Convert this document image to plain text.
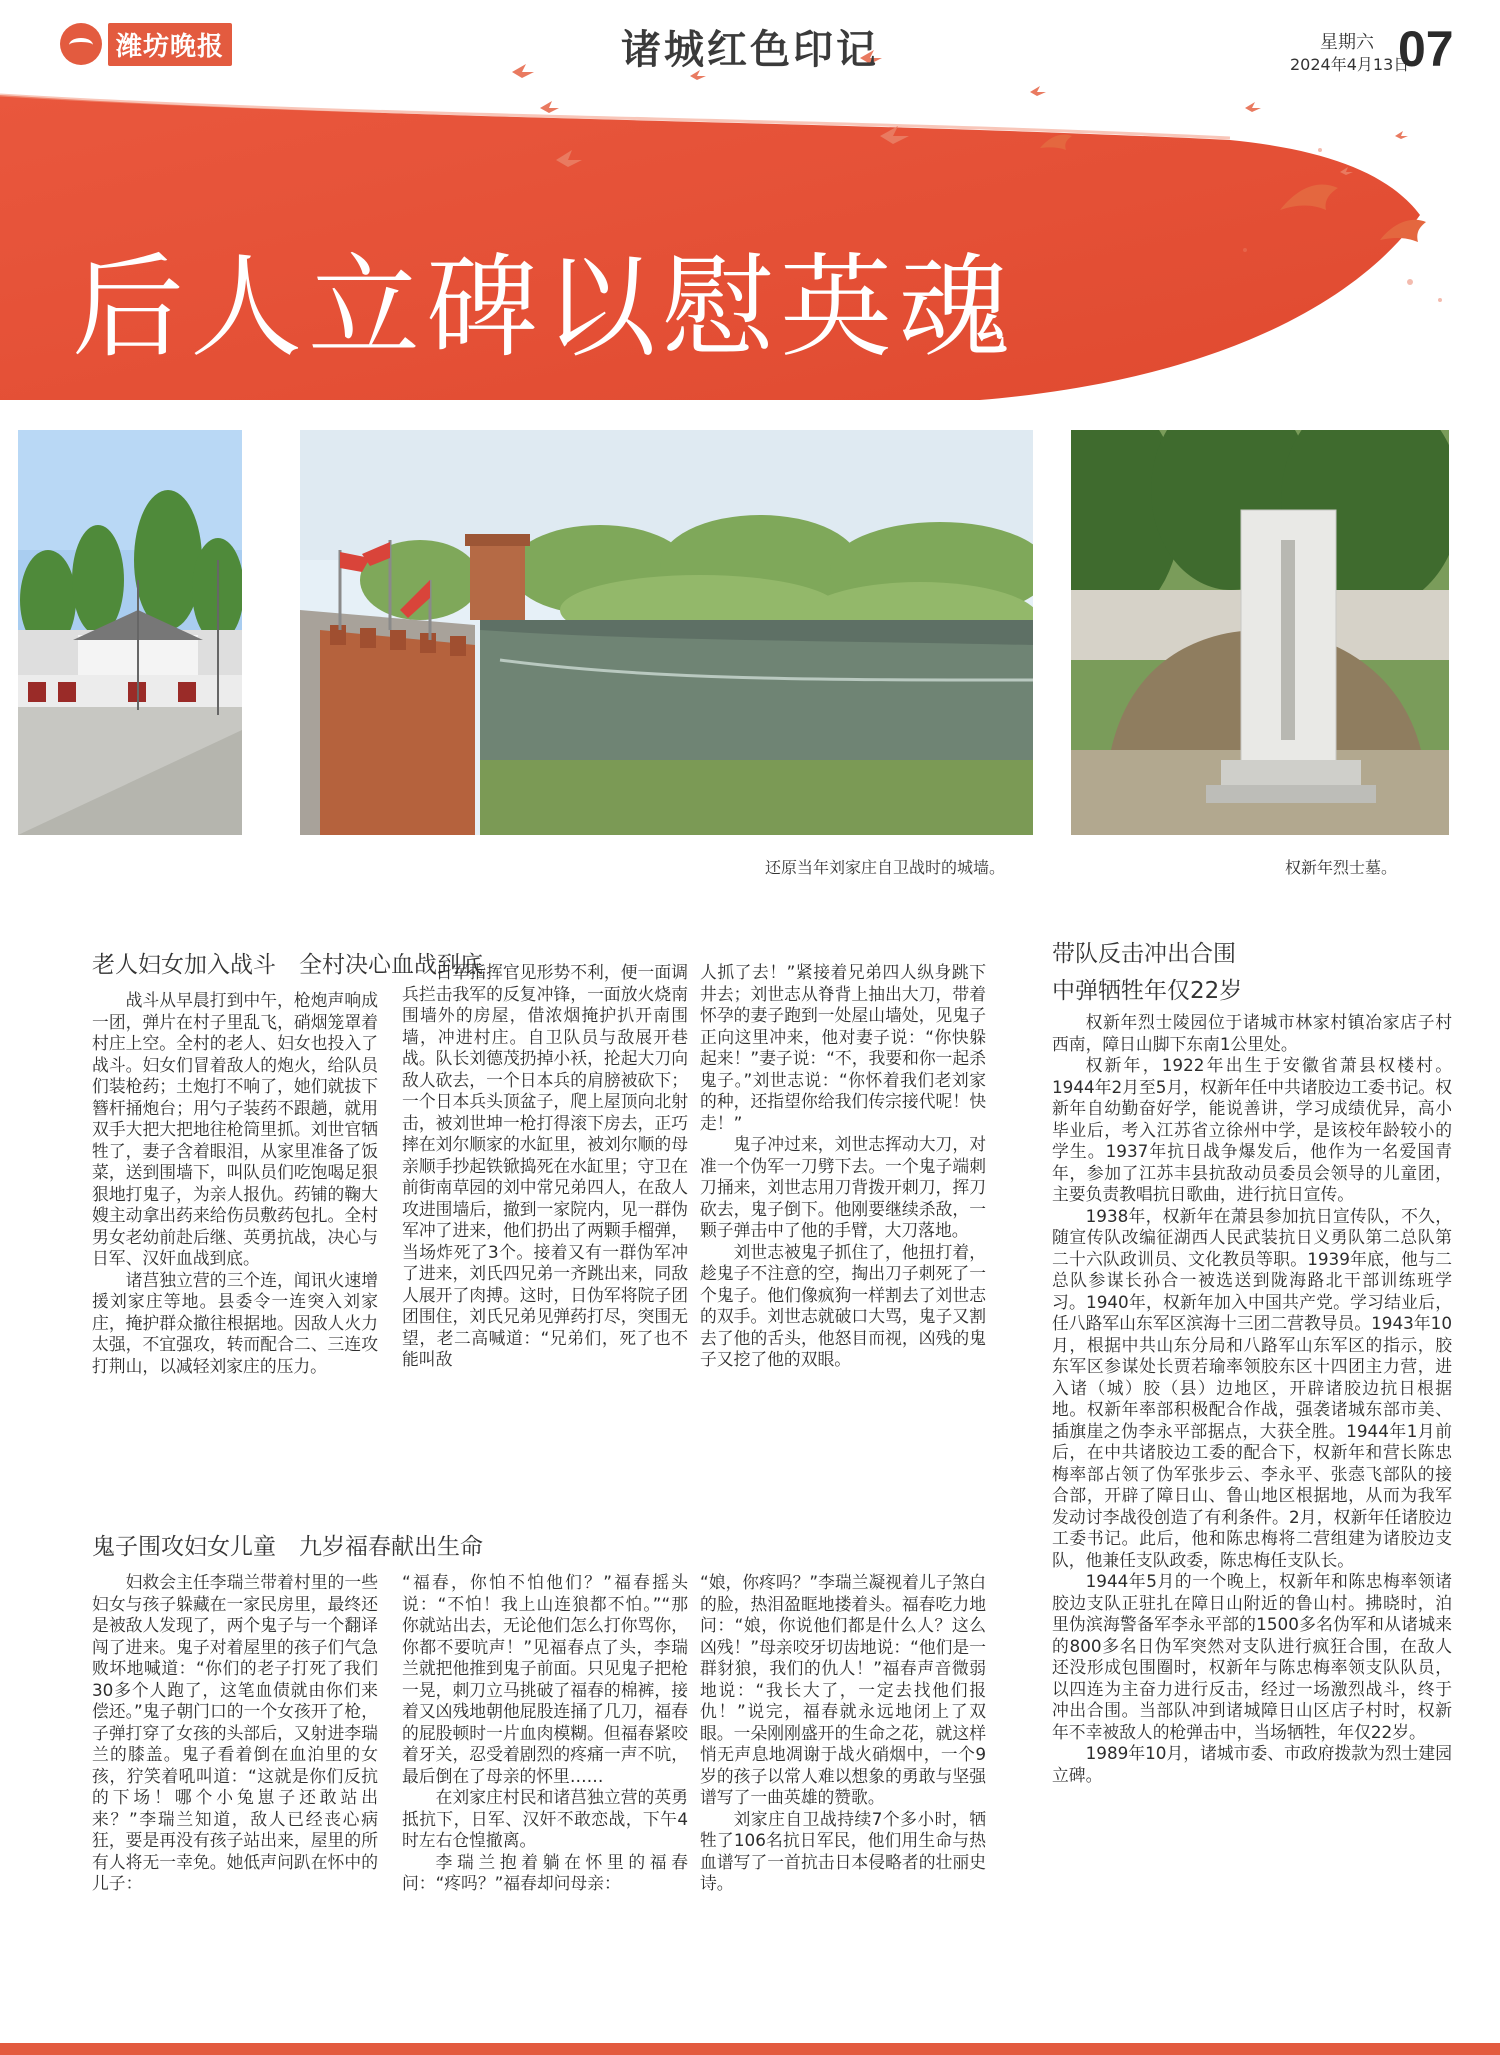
潍坊晚报	诸城红色印记	星期六
2024年4月13日
07
后人立碑以慰英魂
还原当年刘家庄自卫战时的城墙。	权新年烈士墓。
老人妇女加入战斗　全村决心血战到底

战斗从早晨打到中午，枪炮声响成一团，弹片在村子里乱飞，硝烟笼罩着村庄上空。全村的老人、妇女也投入了战斗。妇女们冒着敌人的炮火，给队员们装枪药；土炮打不响了，她们就拔下簪杆捅炮台；用勺子装药不跟趟，就用双手大把大把地往枪筒里抓。刘世官牺牲了，妻子含着眼泪，从家里准备了饭菜，送到围墙下，叫队员们吃饱喝足狠狠地打鬼子，为亲人报仇。药铺的鞠大嫂主动拿出药来给伤员敷药包扎。全村男女老幼前赴后继、英勇抗战，决心与日军、汉奸血战到底。

诸莒独立营的三个连，闻讯火速增援刘家庄等地。县委令一连突入刘家庄，掩护群众撤往根据地。因敌人火力太强，不宜强攻，转而配合二、三连攻打荆山，以减轻刘家庄的压力。

日军指挥官见形势不利，便一面调兵拦击我军的反复冲锋，一面放火烧南围墙外的房屋，借浓烟掩护扒开南围墙，冲进村庄。自卫队员与敌展开巷战。队长刘德茂扔掉小袄，抡起大刀向敌人砍去，一个日本兵的肩膀被砍下；一个日本兵头顶盆子，爬上屋顶向北射击，被刘世坤一枪打得滚下房去，正巧摔在刘尔顺家的水缸里，被刘尔顺的母亲顺手抄起铁锨捣死在水缸里；守卫在前街南草园的刘中常兄弟四人，在敌人攻进围墙后，撤到一家院内，见一群伪军冲了进来，他们扔出了两颗手榴弹，当场炸死了3个。接着又有一群伪军冲了进来，刘氏四兄弟一齐跳出来，同敌人展开了肉搏。这时，日伪军将院子团团围住，刘氏兄弟见弹药打尽，突围无望，老二高喊道：“兄弟们，死了也不能叫敌

人抓了去！”紧接着兄弟四人纵身跳下井去；刘世志从脊背上抽出大刀，带着怀孕的妻子跑到一处屋山墙处，见鬼子正向这里冲来，他对妻子说：“你快躲起来！”妻子说：“不，我要和你一起杀鬼子。”刘世志说：“你怀着我们老刘家的种，还指望你给我们传宗接代呢！快走！”

鬼子冲过来，刘世志挥动大刀，对准一个伪军一刀劈下去。一个鬼子端刺刀捅来，刘世志用刀背拨开刺刀，挥刀砍去，鬼子倒下。他刚要继续杀敌，一颗子弹击中了他的手臂，大刀落地。

刘世志被鬼子抓住了，他扭打着，趁鬼子不注意的空，掏出刀子刺死了一个鬼子。他们像疯狗一样割去了刘世志的双手。刘世志就破口大骂，鬼子又割去了他的舌头，他怒目而视，凶残的鬼子又挖了他的双眼。

鬼子围攻妇女儿童　九岁福春献出生命

妇救会主任李瑞兰带着村里的一些妇女与孩子躲藏在一家民房里，最终还是被敌人发现了，两个鬼子与一个翻译闯了进来。鬼子对着屋里的孩子们气急败坏地喊道：“你们的老子打死了我们30多个人跑了，这笔血债就由你们来偿还。”鬼子朝门口的一个女孩开了枪，子弹打穿了女孩的头部后，又射进李瑞兰的膝盖。鬼子看着倒在血泊里的女孩，狞笑着吼叫道：“这就是你们反抗的下场！哪个小兔崽子还敢站出来？”李瑞兰知道，敌人已经丧心病狂，要是再没有孩子站出来，屋里的所有人将无一幸免。她低声问趴在怀中的儿子：

“福春，你怕不怕他们？”福春摇头说：“不怕！我上山连狼都不怕。”“那你就站出去，无论他们怎么打你骂你，你都不要吭声！”见福春点了头，李瑞兰就把他推到鬼子前面。只见鬼子把枪一晃，刺刀立马挑破了福春的棉裤，接着又凶残地朝他屁股连捅了几刀，福春的屁股顿时一片血肉模糊。但福春紧咬着牙关，忍受着剧烈的疼痛一声不吭，最后倒在了母亲的怀里……

在刘家庄村民和诸莒独立营的英勇抵抗下，日军、汉奸不敢恋战，下午4时左右仓惶撤离。

李瑞兰抱着躺在怀里的福春问：“疼吗？”福春却问母亲：

“娘，你疼吗？”李瑞兰凝视着儿子煞白的脸，热泪盈眶地搂着头。福春吃力地问：“娘，你说他们都是什么人？这么凶残！”母亲咬牙切齿地说：“他们是一群豺狼，我们的仇人！”福春声音微弱地说：“我长大了，一定去找他们报仇！”说完，福春就永远地闭上了双眼。一朵刚刚盛开的生命之花，就这样悄无声息地凋谢于战火硝烟中，一个9岁的孩子以常人难以想象的勇敢与坚强谱写了一曲英雄的赞歌。

刘家庄自卫战持续7个多小时，牺牲了106名抗日军民，他们用生命与热血谱写了一首抗击日本侵略者的壮丽史诗。

带队反击冲出合围
中弹牺牲年仅22岁

权新年烈士陵园位于诸城市林家村镇冶家店子村西南，障日山脚下东南1公里处。

权新年，1922年出生于安徽省萧县权楼村。1944年2月至5月，权新年任中共诸胶边工委书记。权新年自幼勤奋好学，能说善讲，学习成绩优异，高小毕业后，考入江苏省立徐州中学，是该校年龄较小的学生。1937年抗日战争爆发后，他作为一名爱国青年，参加了江苏丰县抗敌动员委员会领导的儿童团，主要负责教唱抗日歌曲，进行抗日宣传。

1938年，权新年在萧县参加抗日宣传队，不久，随宣传队改编征湖西人民武装抗日义勇队第二总队第二十六队政训员、文化教员等职。1939年底，他与二总队参谋长孙合一被选送到陇海路北干部训练班学习。1940年，权新年加入中国共产党。学习结业后，任八路军山东军区滨海十三团二营教导员。1943年10月，根据中共山东分局和八路军山东军区的指示，胶东军区参谋处长贾若瑜率领胶东区十四团主力营，进入诸（城）胶（县）边地区，开辟诸胶边抗日根据地。权新年率部积极配合作战，强袭诸城东部市美、插旗崖之伪李永平部据点，大获全胜。1944年1月前后，在中共诸胶边工委的配合下，权新年和营长陈忠梅率部占领了伪军张步云、李永平、张悫飞部队的接合部，开辟了障日山、鲁山地区根据地，从而为我军发动讨李战役创造了有利条件。2月，权新年任诸胶边工委书记。此后，他和陈忠梅将二营组建为诸胶边支队，他兼任支队政委，陈忠梅任支队长。

1944年5月的一个晚上，权新年和陈忠梅率领诸胶边支队正驻扎在障日山附近的鲁山村。拂晓时，泊里伪滨海警备军李永平部的1500多名伪军和从诸城来的800多名日伪军突然对支队进行疯狂合围，在敌人还没形成包围圈时，权新年与陈忠梅率领支队队员，以四连为主奋力进行反击，经过一场激烈战斗，终于冲出合围。当部队冲到诸城障日山区店子村时，权新年不幸被敌人的枪弹击中，当场牺牲，年仅22岁。

1989年10月，诸城市委、市政府拨款为烈士建园立碑。
